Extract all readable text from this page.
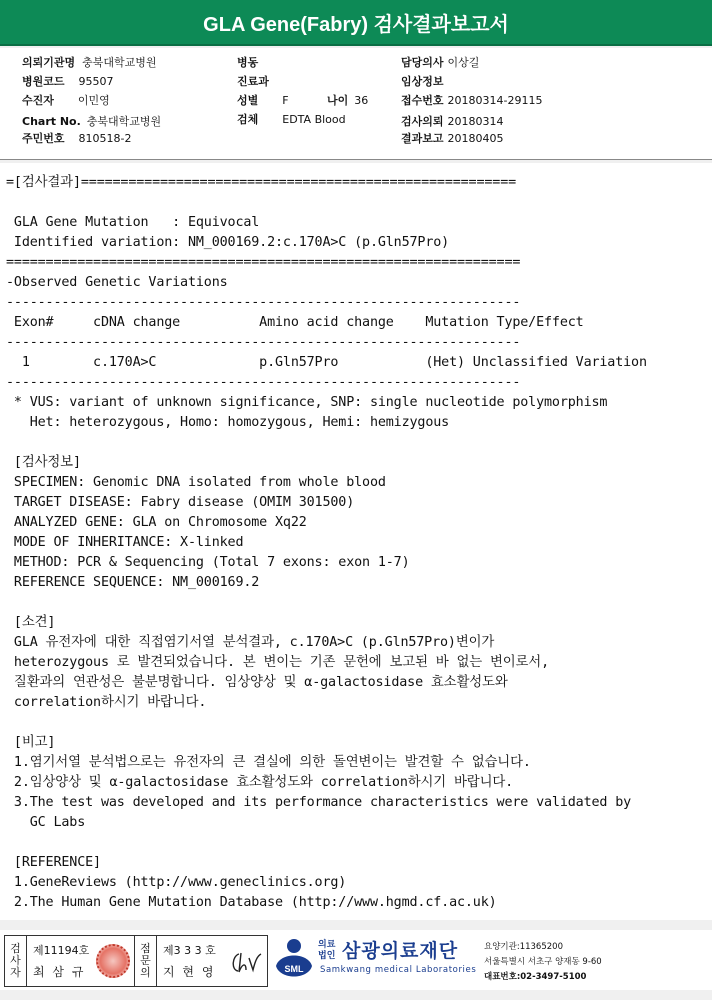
GLA Gene(Fabry) 검사결과보고서
의뢰기관명 충북대학교병원
병원코드 95507
수진자 이민영
Chart No. 충북대학교병원
주민번호 810518-2
병동
진료과
성별 F	나이 36
검체 EDTA Blood
담당의사 이상길
임상정보
접수번호 20180314-29115
검사의뢰 20180314
결과보고 20180405
=[검사결과]=======================================================
GLA Gene Mutation   : Equivocal
Identified variation: NM_000169.2:c.170A>C (p.Gln57Pro)
=================================================================
-Observed Genetic Variations
-----------------------------------------------------------------
Exon#     cDNA change          Amino acid change    Mutation Type/Effect
-----------------------------------------------------------------
1        c.170A>C             p.Gln57Pro           (Het) Unclassified Variation
-----------------------------------------------------------------
* VUS: variant of unknown significance, SNP: single nucleotide polymorphism
Het: heterozygous, Homo: homozygous, Hemi: hemizygous
[검사정보]
SPECIMEN: Genomic DNA isolated from whole blood
TARGET DISEASE: Fabry disease (OMIM 301500)
ANALYZED GENE: GLA on Chromosome Xq22
MODE OF INHERITANCE: X-linked
METHOD: PCR & Sequencing (Total 7 exons: exon 1-7)
REFERENCE SEQUENCE: NM_000169.2
[소견]
GLA 유전자에 대한 직접염기서열 분석결과, c.170A>C (p.Gln57Pro)변이가
heterozygous 로 발견되었습니다. 본 변이는 기존 문헌에 보고된 바 없는 변이로서,
질환과의 연관성은 불분명합니다. 임상양상 및 α-galactosidase 효소활성도와
correlation하시기 바랍니다.
[비고]
1.염기서열 분석법으로는 유전자의 큰 결실에 의한 돌연변이는 발견할 수 없습니다.
2.임상양상 및 α-galactosidase 효소활성도와 correlation하시기 바랍니다.
3.The test was developed and its performance characteristics were validated by
GC Labs
[REFERENCE]
1.GeneReviews (http://www.geneclinics.org)
2.The Human Gene Mutation Database (http://www.hgmd.cf.ac.uk)
검
사
자
제11194호
최 삼 규
점
문
의
제3 3 3 호
지 현 영	SML
의료
법인 삼광의료재단
Samkwang medical Laboratories
요양기관:11365200
서울특별시 서초구 양재동 9-60
대표번호:02-3497-5100
